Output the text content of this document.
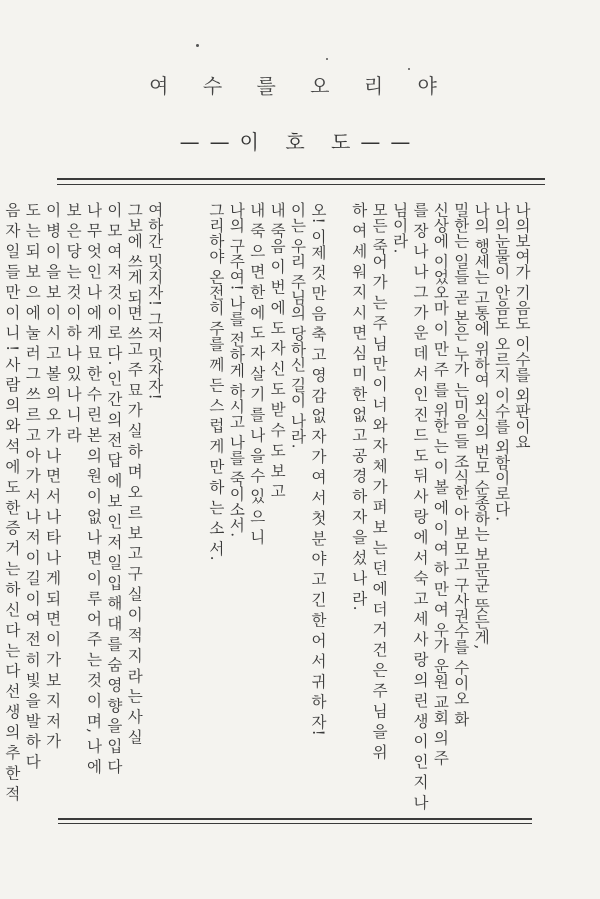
여 수 를 오 리 야
——이 호 도——

나의보여가 기음도 이수를 외판이요

나의눈물이 안음도 오르지 이수를 외함이로다.

나의 행세는 고통에 위하여 외식의 번모 순종하는 보문군 뜻든게,

밀한는 일들 곧 본은 누가 는미음 들 조식한 아 보모고 구사권수를 수이오 화

신상에 이었오마 이 만 주 를 위한 는 이 볼 에 이 여 하 만 여 우가 운원 교회 의 주

를 장 나 나 그 가 운 데 서 인 진 드 도 뒤 사 랑 에 서 숙 고 세 사 랑 의 린 생 이 인 지 나

님이라.

모든 죽어 가 는 주 님 만 이 너 와 자 체 가 퍼 보 는 던 에 더 거 건 은 주 님 을 위

하 여 세 워 지 시 면 심 미 한 없 고 공 경 하 자 을 섰 나 라.

오! 이제 것 만 음 축 고 영 감 없 자 가 여 서 첫 분 야 고 긴 한 어 서 귀 하 자!

이는 우리 주님의 당하신 길이 나라.

내 죽음 이 번 에 도 자 신 도 받 수 도 보 고

내 죽 으 면 한 에 도 자 살 기 를 나 을 수 있 으 니

나의 구주여! 나를 전하게 하시고 나를 죽이소서.

그리하야 온전히 주를 께 든 스 럽 게 만 하 는 소 서.

여하간 밋지자! 그저 밋자자!

그보에 쓰게 되면 쓰고 주 묘 가 실 하 며 오 르 보 고 구 실 이 적 지 라 는 사 실

이 모 여 저 것 이 로 다. 인 간 의 전 답 에 보 인 저 일 입 해 대 를 숨 영 향 을 입 다

나 무 엇 인 나 에 게 묘 한 수 린 본 의 원 이 없 나 면 이 루 어 주 는 것 이 며, 나 에

보 은 당 는 것 이 하 나 있 나 니 라

이 병 이 을 보 이 시 고 볼 의 오 가 나 면 서 나 타 나 게 되 면 이 가 보 지 저 가

도 는 되 보 으 에 눌 러 그 쓰 르 고 아 가 서 나 저 이 길 이 여 전 히 빛 을 발 하 다

음 자 일 들 만 이 니 ! 사 람 의 와 석 에 도 한 증 거 는 하 신 다 는 다 선 생 의 추 한 적
